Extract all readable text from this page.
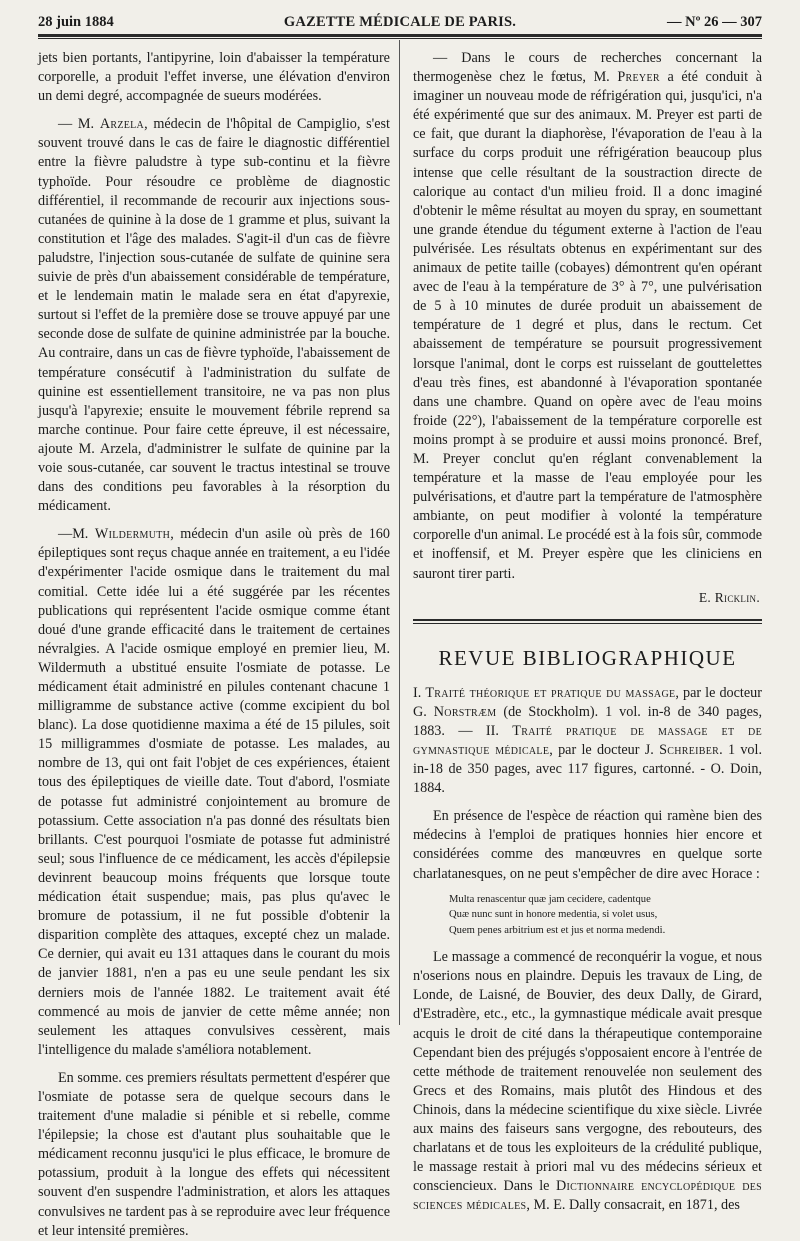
28 juin 1884	GAZETTE MÉDICALE DE PARIS.	— Nº 26 — 307

jets bien portants, l'antipyrine, loin d'abaisser la température corporelle, a produit l'effet inverse, une élévation d'environ un demi degré, accompagnée de sueurs modérées.

— M. Arzela, médecin de l'hôpital de Campiglio, s'est souvent trouvé dans le cas de faire le diagnostic différentiel entre la fièvre paludstre à type sub-continu et la fièvre typhoïde. Pour résoudre ce problème de diagnostic différentiel, il recommande de recourir aux injections sous-cutanées de quinine à la dose de 1 gramme et plus, suivant la constitution et l'âge des malades. S'agit-il d'un cas de fièvre paludstre, l'injection sous-cutanée de sulfate de quinine sera suivie de près d'un abaissement considérable de température, et le lendemain matin le malade sera en état d'apyrexie, surtout si l'effet de la première dose se trouve appuyé par une seconde dose de sulfate de quinine administrée par la bouche. Au contraire, dans un cas de fièvre typhoïde, l'abaissement de température consécutif à l'administration du sulfate de quinine est essentiellement transitoire, ne va pas non plus jusqu'à l'apyrexie; ensuite le mouvement fébrile reprend sa marche continue. Pour faire cette épreuve, il est nécessaire, ajoute M. Arzela, d'administrer le sulfate de quinine par la voie sous-cutanée, car souvent le tractus intestinal se trouve dans des conditions peu favorables à la résorption du médicament.

—M. Wildermuth, médecin d'un asile où près de 160 épileptiques sont reçus chaque année en traitement, a eu l'idée d'expérimenter l'acide osmique dans le traitement du mal comitial. Cette idée lui a été suggérée par les récentes publications qui représentent l'acide osmique comme étant doué d'une grande efficacité dans le traitement de certaines névralgies. A l'acide osmique employé en premier lieu, M. Wildermuth a ubstitué ensuite l'osmiate de potasse. Le médicament était administré en pilules contenant chacune 1 milligramme de substance active (comme excipient du bol blanc). La dose quotidienne maxima a été de 15 pilules, soit 15 milligrammes d'osmiate de potasse. Les malades, au nombre de 13, qui ont fait l'objet de ces expériences, étaient tous des épileptiques de vieille date. Tout d'abord, l'osmiate de potasse fut administré conjointement au bromure de potassium. Cette association n'a pas donné des résultats bien brillants. C'est pourquoi l'osmiate de potasse fut administré seul; sous l'influence de ce médicament, les accès d'épilepsie devinrent beaucoup moins fréquents que lorsque toute médication était suspendue; mais, pas plus qu'avec le bromure de potassium, il ne fut possible d'obtenir la disparition complète des attaques, excepté chez un malade. Ce dernier, qui avait eu 131 attaques dans le courant du mois de janvier 1881, n'en a pas eu une seule pendant les six derniers mois de l'année 1882. Le traitement avait été commencé au mois de janvier de cette même année; non seulement les attaques convulsives cessèrent, mais l'intelligence du malade s'améliora notablement.

En somme. ces premiers résultats permettent d'espérer que l'osmiate de potasse sera de quelque secours dans le traitement d'une maladie si pénible et si rebelle, comme l'épilepsie; la chose est d'autant plus souhaitable que le médicament reconnu jusqu'ici le plus efficace, le bromure de potassium, produit à la longue des effets qui nécessitent souvent d'en suspendre l'administration, et alors les attaques convulsives ne tardent pas à se reproduire avec leur fréquence et leur intensité premières.

— Dans le cours de recherches concernant la thermogenèse chez le fœtus, M. Preyer a été conduit à imaginer un nouveau mode de réfrigération qui, jusqu'ici, n'a été expérimenté que sur des animaux. M. Preyer est parti de ce fait, que durant la diaphorèse, l'évaporation de l'eau à la surface du corps produit une réfrigération beaucoup plus intense que celle résultant de la soustraction directe de calorique au contact d'un milieu froid. Il a donc imaginé d'obtenir le même résultat au moyen du spray, en soumettant une grande étendue du tégument externe à l'action de l'eau pulvérisée. Les résultats obtenus en expérimentant sur des animaux de petite taille (cobayes) démontrent qu'en opérant avec de l'eau à la température de 3° à 7°, une pulvérisation de 5 à 10 minutes de durée produit un abaissement de température de 1 degré et plus, dans le rectum. Cet abaissement de température se poursuit progressivement lorsque l'animal, dont le corps est ruisselant de gouttelettes d'eau très fines, est abandonné à l'évaporation spontanée dans une chambre. Quand on opère avec de l'eau moins froide (22°), l'abaissement de la température corporelle est moins prompt à se produire et aussi moins prononcé. Bref, M. Preyer conclut qu'en réglant convenablement la température et la masse de l'eau employée pour les pulvérisations, et d'autre part la température de l'atmosphère ambiante, on peut modifier à volonté la température corporelle d'un animal. Le procédé est à la fois sûr, commode et inoffensif, et M. Preyer espère que les cliniciens en sauront tirer parti.

E. Ricklin.
REVUE BIBLIOGRAPHIQUE

I. Traité théorique et pratique du massage, par le docteur G. Norstræm (de Stockholm). 1 vol. in-8 de 340 pages, 1883. — II. Traité pratique de massage et de gymnastique médicale, par le docteur J. Schreiber. 1 vol. in-18 de 350 pages, avec 117 figures, cartonné. - O. Doin, 1884.

En présence de l'espèce de réaction qui ramène bien des médecins à l'emploi de pratiques honnies hier encore et considérées comme des manœuvres en quelque sorte charlatanesques, on ne peut s'empêcher de dire avec Horace :

Multa renascentur quæ jam cecidere, cadentque
Quæ nunc sunt in honore medentia, si volet usus,
Quem penes arbitrium est et jus et norma medendi.

Le massage a commencé de reconquérir la vogue, et nous n'oserions nous en plaindre. Depuis les travaux de Ling, de Londe, de Laisné, de Bouvier, des deux Dally, de Girard, d'Estradère, etc., etc., la gymnastique médicale avait presque acquis le droit de cité dans la thérapeutique contemporaine Cependant bien des préjugés s'opposaient encore à l'entrée de cette méthode de traitement renouvelée non seulement des Grecs et des Romains, mais plutôt des Hindous et des Chinois, dans la médecine scientifique du xixe siècle. Livrée aux mains des faiseurs sans vergogne, des rebouteurs, des charlatans et de tous les exploiteurs de la crédulité publique, le massage restait à priori mal vu des médecins sérieux et consciencieux. Dans le Dictionnaire encyclopédique des sciences médicales, M. E. Dally consacrait, en 1871, des
